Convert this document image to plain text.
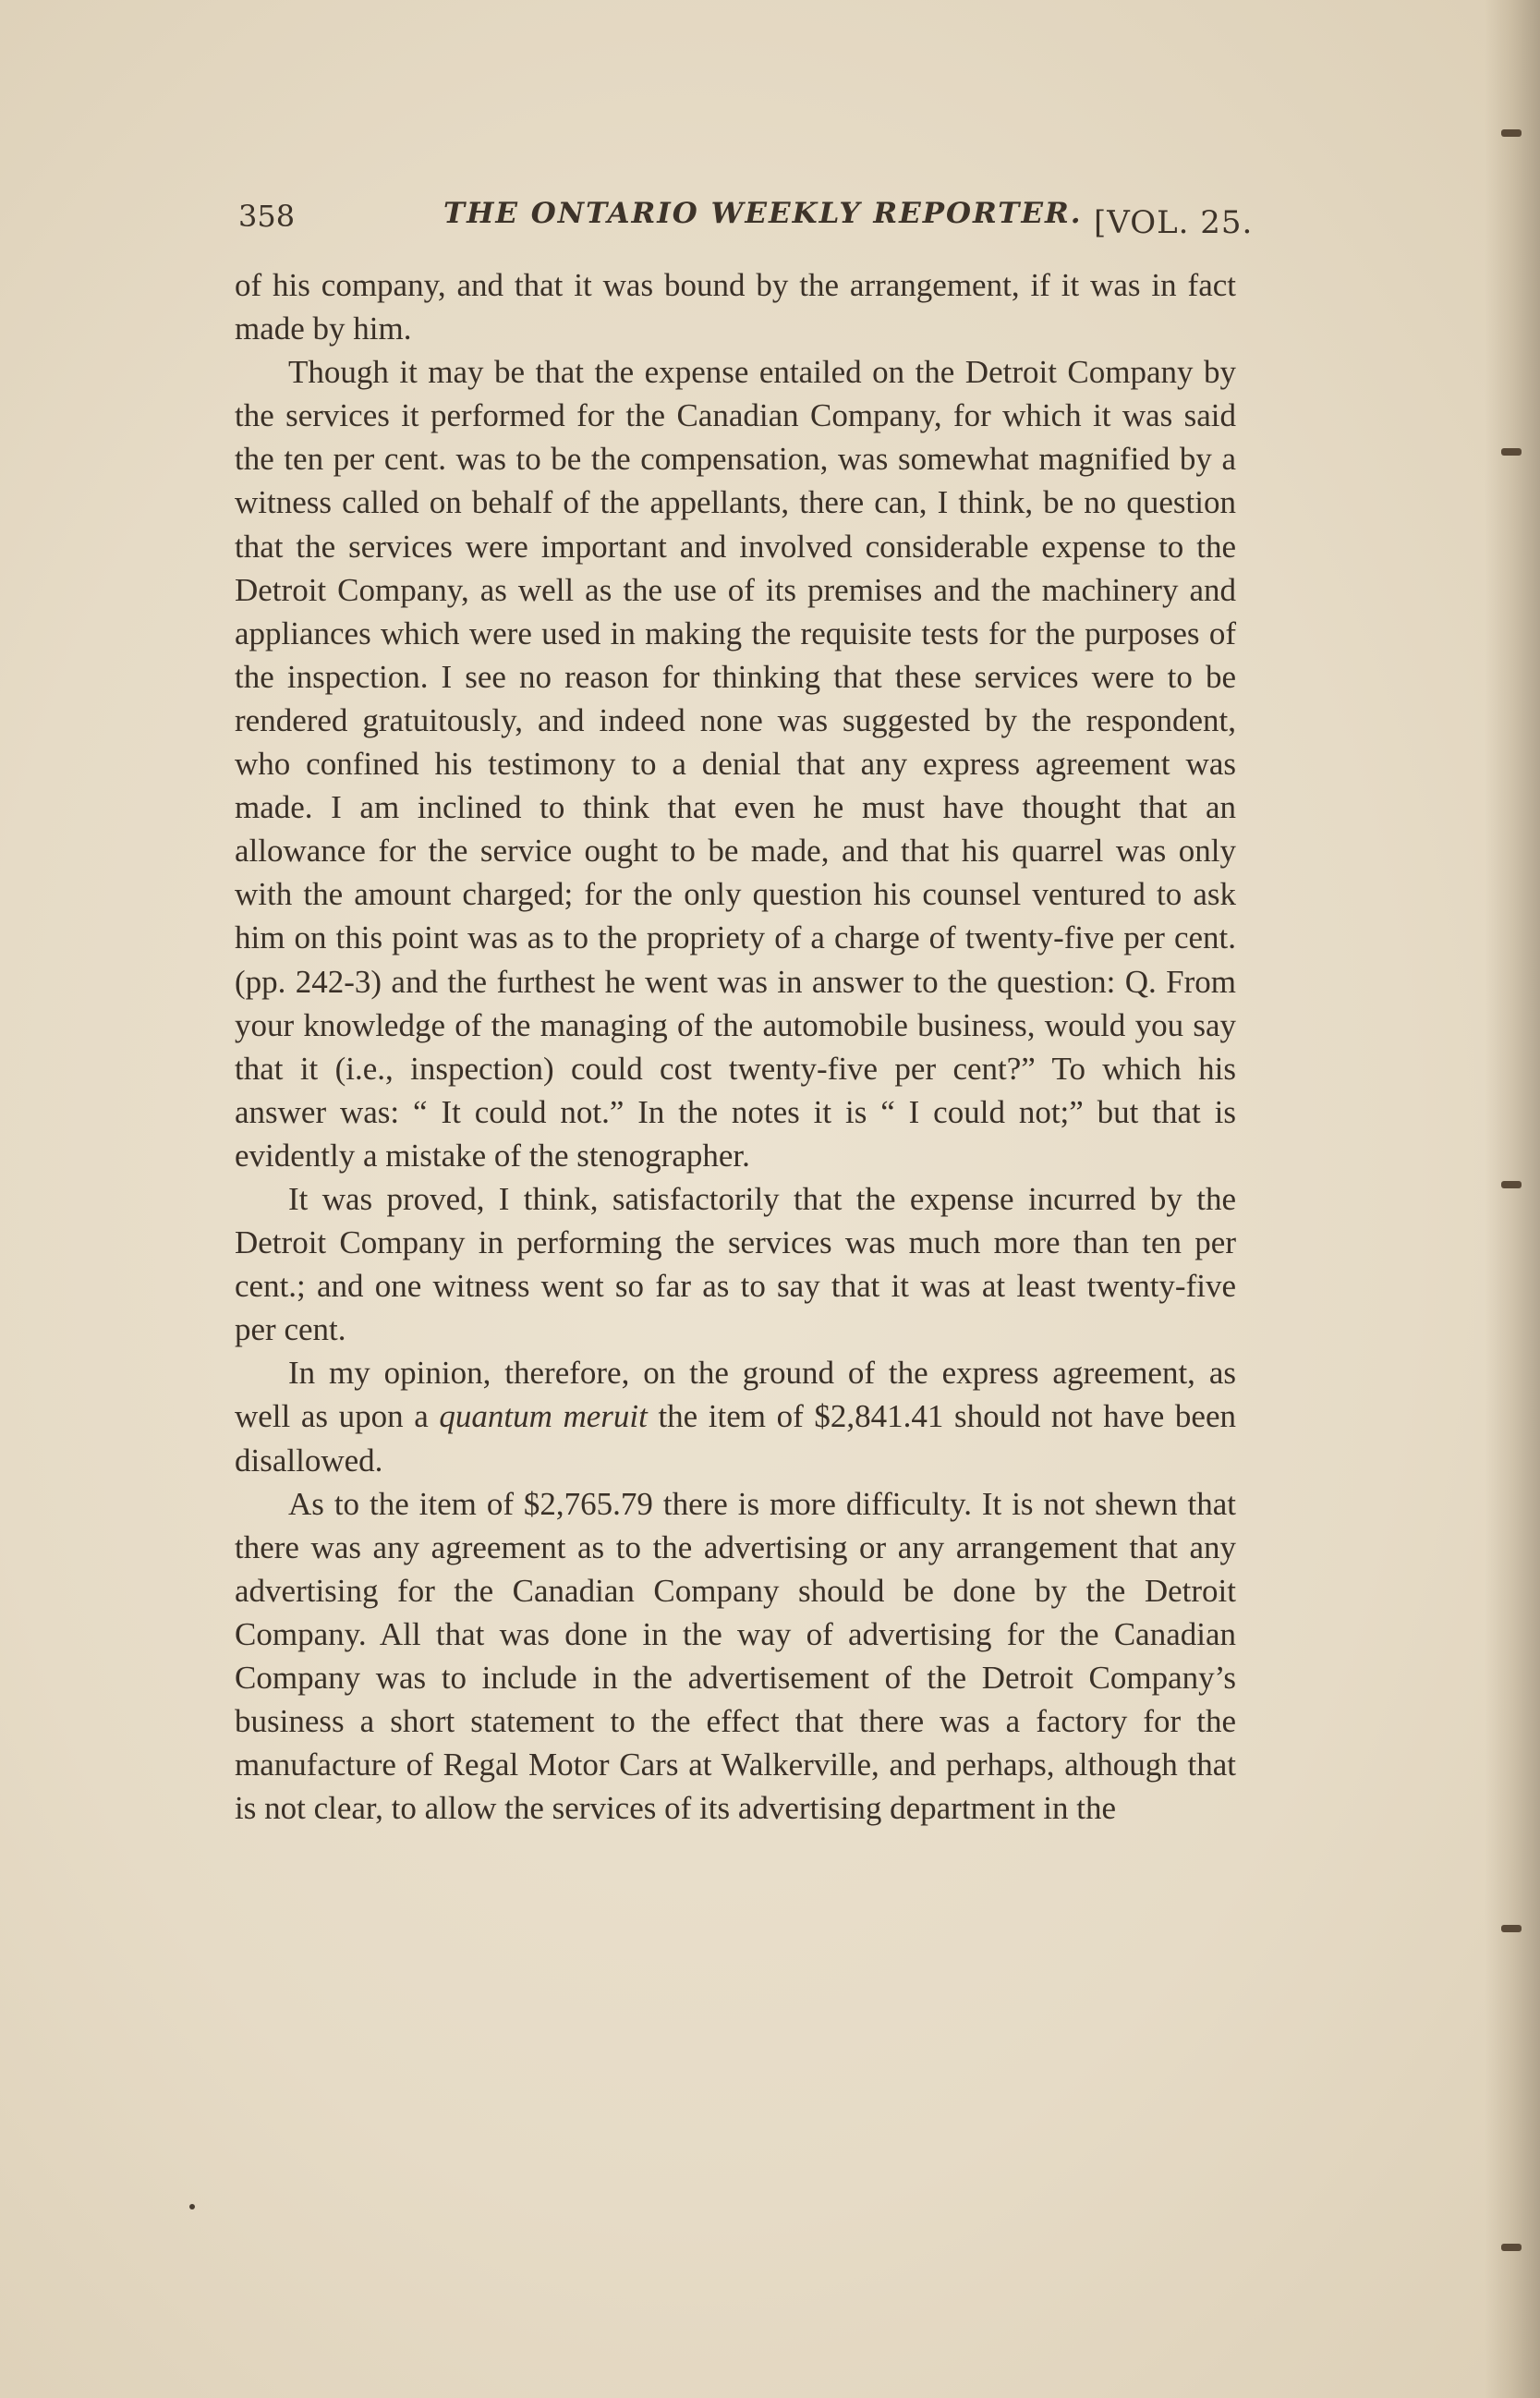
358	THE ONTARIO WEEKLY REPORTER. [VOL. 25.

of his company, and that it was bound by the arrangement, if it was in fact made by him.

Though it may be that the expense entailed on the Detroit Company by the services it performed for the Canadian Company, for which it was said the ten per cent. was to be the compensation, was somewhat magnified by a witness called on behalf of the appellants, there can, I think, be no question that the services were important and involved considerable expense to the Detroit Company, as well as the use of its premises and the machinery and appliances which were used in making the requisite tests for the purposes of the inspection. I see no reason for thinking that these services were to be rendered gratuitously, and indeed none was suggested by the respondent, who confined his testimony to a denial that any express agreement was made. I am inclined to think that even he must have thought that an allowance for the service ought to be made, and that his quarrel was only with the amount charged; for the only question his counsel ventured to ask him on this point was as to the propriety of a charge of twenty-five per cent. (pp. 242-3) and the furthest he went was in answer to the question: Q. From your knowledge of the managing of the automobile business, would you say that it (i.e., inspection) could cost twenty-five per cent?” To which his answer was: “ It could not.” In the notes it is “ I could not;” but that is evidently a mistake of the stenographer.

It was proved, I think, satisfactorily that the expense incurred by the Detroit Company in performing the services was much more than ten per cent.; and one witness went so far as to say that it was at least twenty-five per cent.

In my opinion, therefore, on the ground of the express agreement, as well as upon a quantum meruit the item of $2,841.41 should not have been disallowed.

As to the item of $2,765.79 there is more difficulty. It is not shewn that there was any agreement as to the advertising or any arrangement that any advertising for the Canadian Company should be done by the Detroit Company. All that was done in the way of advertising for the Canadian Company was to include in the advertisement of the Detroit Company’s business a short statement to the effect that there was a factory for the manufacture of Regal Motor Cars at Walkerville, and perhaps, although that is not clear, to allow the services of its advertising department in the
